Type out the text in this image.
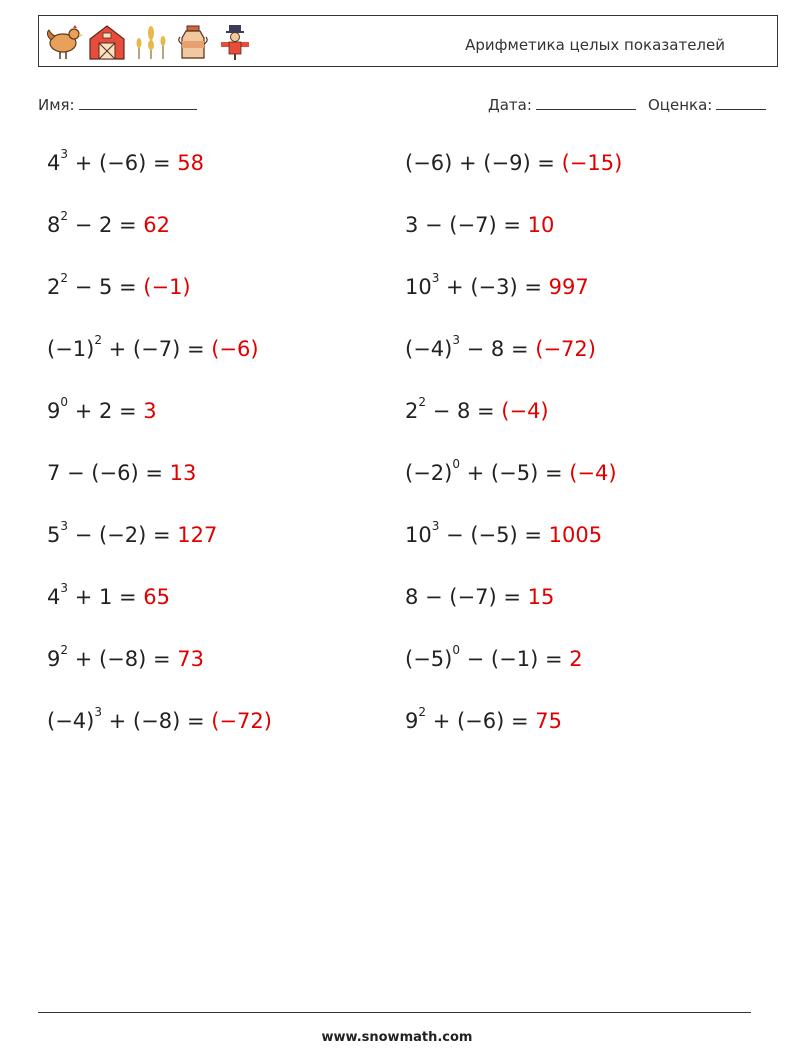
Арифметика целых показателей
Имя:	Дата:	Оценка:
$4^3 + (-6) = 58$
$8^2 - 2 = 62$
$2^2 - 5 = (-1)$
$(-1)^2 + (-7) = (-6)$
$9^0 + 2 = 3$
7 − (−6) = 13
$5^3 - (-2) = 127$
$4^3 + 1 = 65$
$9^2 + (-8) = 73$
$(-4)^3 + (-8) = (-72)$
(−6) + (−9) = (−15)
3 − (−7) = 10
$10^3 + (-3) = 997$
$(-4)^3 - 8 = (-72)$
$2^2 - 8 = (-4)$
$(-2)^0 + (-5) = (-4)$
$10^3 - (-5) = 1005$
8 − (−7) = 15
$(-5)^0 - (-1) = 2$
$9^2 + (-6) = 75$
www.snowmath.com
